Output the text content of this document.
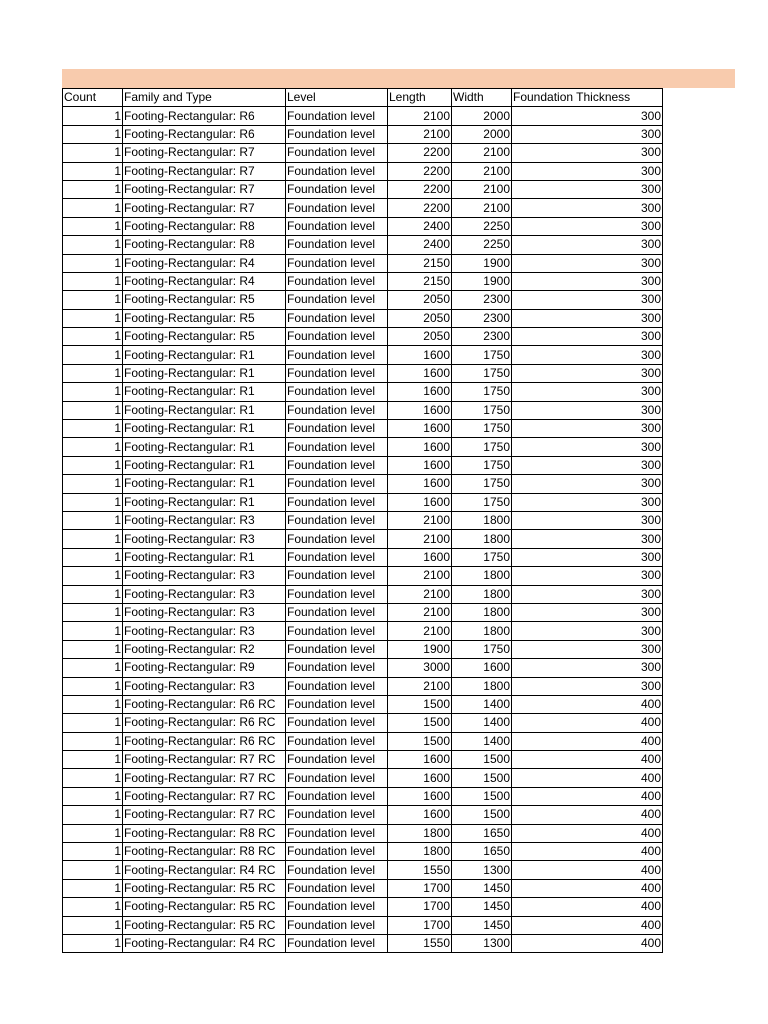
Count	Family and Type	Level	Length	Width	Foundation Thickness
1	Footing-Rectangular: R6	Foundation level	2100	2000	300
1	Footing-Rectangular: R6	Foundation level	2100	2000	300
1	Footing-Rectangular: R7	Foundation level	2200	2100	300
1	Footing-Rectangular: R7	Foundation level	2200	2100	300
1	Footing-Rectangular: R7	Foundation level	2200	2100	300
1	Footing-Rectangular: R7	Foundation level	2200	2100	300
1	Footing-Rectangular: R8	Foundation level	2400	2250	300
1	Footing-Rectangular: R8	Foundation level	2400	2250	300
1	Footing-Rectangular: R4	Foundation level	2150	1900	300
1	Footing-Rectangular: R4	Foundation level	2150	1900	300
1	Footing-Rectangular: R5	Foundation level	2050	2300	300
1	Footing-Rectangular: R5	Foundation level	2050	2300	300
1	Footing-Rectangular: R5	Foundation level	2050	2300	300
1	Footing-Rectangular: R1	Foundation level	1600	1750	300
1	Footing-Rectangular: R1	Foundation level	1600	1750	300
1	Footing-Rectangular: R1	Foundation level	1600	1750	300
1	Footing-Rectangular: R1	Foundation level	1600	1750	300
1	Footing-Rectangular: R1	Foundation level	1600	1750	300
1	Footing-Rectangular: R1	Foundation level	1600	1750	300
1	Footing-Rectangular: R1	Foundation level	1600	1750	300
1	Footing-Rectangular: R1	Foundation level	1600	1750	300
1	Footing-Rectangular: R1	Foundation level	1600	1750	300
1	Footing-Rectangular: R3	Foundation level	2100	1800	300
1	Footing-Rectangular: R3	Foundation level	2100	1800	300
1	Footing-Rectangular: R1	Foundation level	1600	1750	300
1	Footing-Rectangular: R3	Foundation level	2100	1800	300
1	Footing-Rectangular: R3	Foundation level	2100	1800	300
1	Footing-Rectangular: R3	Foundation level	2100	1800	300
1	Footing-Rectangular: R3	Foundation level	2100	1800	300
1	Footing-Rectangular: R2	Foundation level	1900	1750	300
1	Footing-Rectangular: R9	Foundation level	3000	1600	300
1	Footing-Rectangular: R3	Foundation level	2100	1800	300
1	Footing-Rectangular: R6 RC	Foundation level	1500	1400	400
1	Footing-Rectangular: R6 RC	Foundation level	1500	1400	400
1	Footing-Rectangular: R6 RC	Foundation level	1500	1400	400
1	Footing-Rectangular: R7 RC	Foundation level	1600	1500	400
1	Footing-Rectangular: R7 RC	Foundation level	1600	1500	400
1	Footing-Rectangular: R7 RC	Foundation level	1600	1500	400
1	Footing-Rectangular: R7 RC	Foundation level	1600	1500	400
1	Footing-Rectangular: R8 RC	Foundation level	1800	1650	400
1	Footing-Rectangular: R8 RC	Foundation level	1800	1650	400
1	Footing-Rectangular: R4 RC	Foundation level	1550	1300	400
1	Footing-Rectangular: R5 RC	Foundation level	1700	1450	400
1	Footing-Rectangular: R5 RC	Foundation level	1700	1450	400
1	Footing-Rectangular: R5 RC	Foundation level	1700	1450	400
1	Footing-Rectangular: R4 RC	Foundation level	1550	1300	400
